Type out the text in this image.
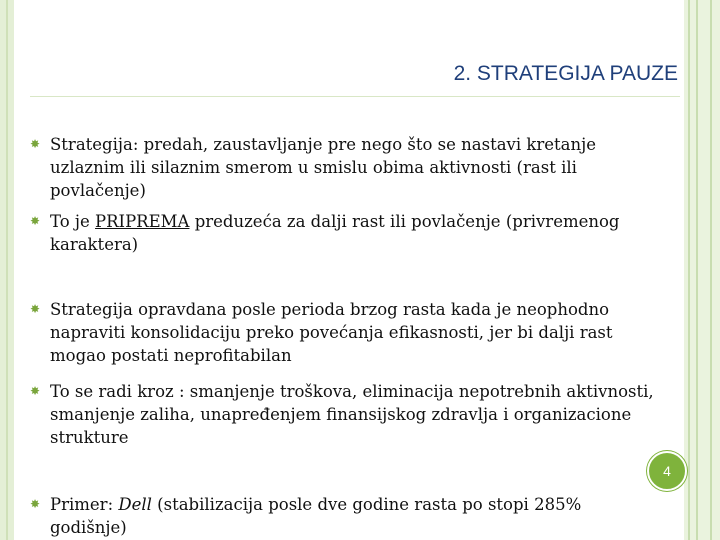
2. STRATEGIJA PAUZE
✸ Strategija: predah, zaustavljanje pre nego što se nastavi kretanje uzlaznim ili silaznim smerom u smislu obima aktivnosti (rast ili povlačenje)
✸ To je PRIPREMA preduzeća za dalji rast ili povlačenje (privremenog karaktera)
✸ Strategija opravdana posle perioda brzog rasta kada je neophodno napraviti konsolidaciju preko povećanja efikasnosti, jer bi dalji rast mogao postati neprofitabilan
✸ To se radi kroz : smanjenje troškova, eliminacija nepotrebnih aktivnosti, smanjenje zaliha, unapređenjem finansijskog zdravlja i organizacione strukture
4
✸ Primer: Dell (stabilizacija posle dve godine rasta po stopi 285% godišnje)
